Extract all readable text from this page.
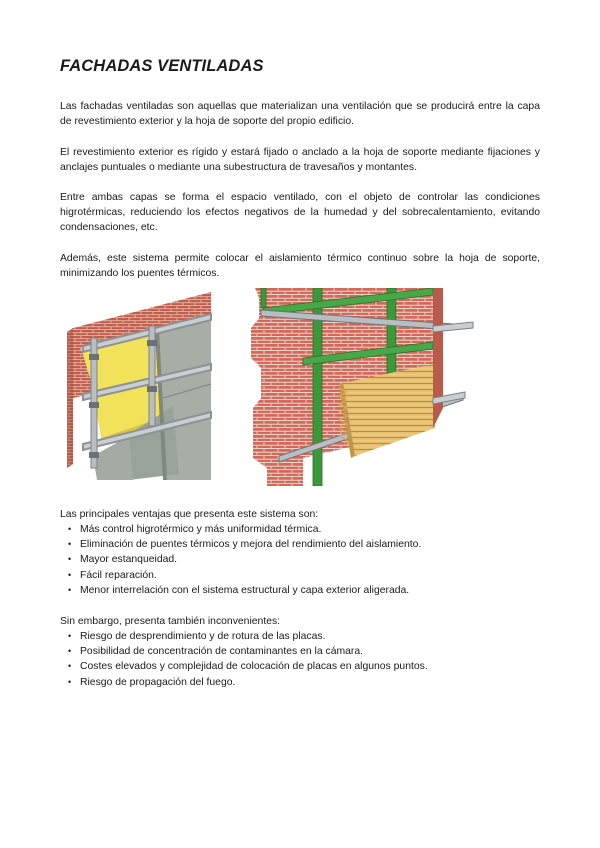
FACHADAS VENTILADAS

Las fachadas ventiladas son aquellas que materializan una ventilación que se producirá entre la capa de revestimiento exterior y la hoja de soporte del propio edificio.

El revestimiento exterior es rígido y estará fijado o anclado a la hoja de soporte mediante fijaciones y anclajes puntuales o mediante una subestructura de travesaños y montantes.

Entre ambas capas se forma el espacio ventilado, con el objeto de controlar las condiciones higrotérmicas, reduciendo los efectos negativos de la humedad y del sobrecalentamiento, evitando condensaciones, etc.

Además, este sistema permite colocar el aislamiento térmico continuo sobre la hoja de soporte, minimizando los puentes térmicos.

Las principales ventajas que presenta este sistema son:

• Más control higrotérmico y más uniformidad térmica.
• Eliminación de puentes térmicos y mejora del rendimiento del aislamiento.
• Mayor estanqueidad.
• Fácil reparación.
• Menor interrelación con el sistema estructural y capa exterior aligerada.

Sin embargo, presenta también inconvenientes:

• Riesgo de desprendimiento y de rotura de las placas.
• Posibilidad de concentración de contaminantes en la cámara.
• Costes elevados y complejidad de colocación de placas en algunos puntos.
• Riesgo de propagación del fuego.
